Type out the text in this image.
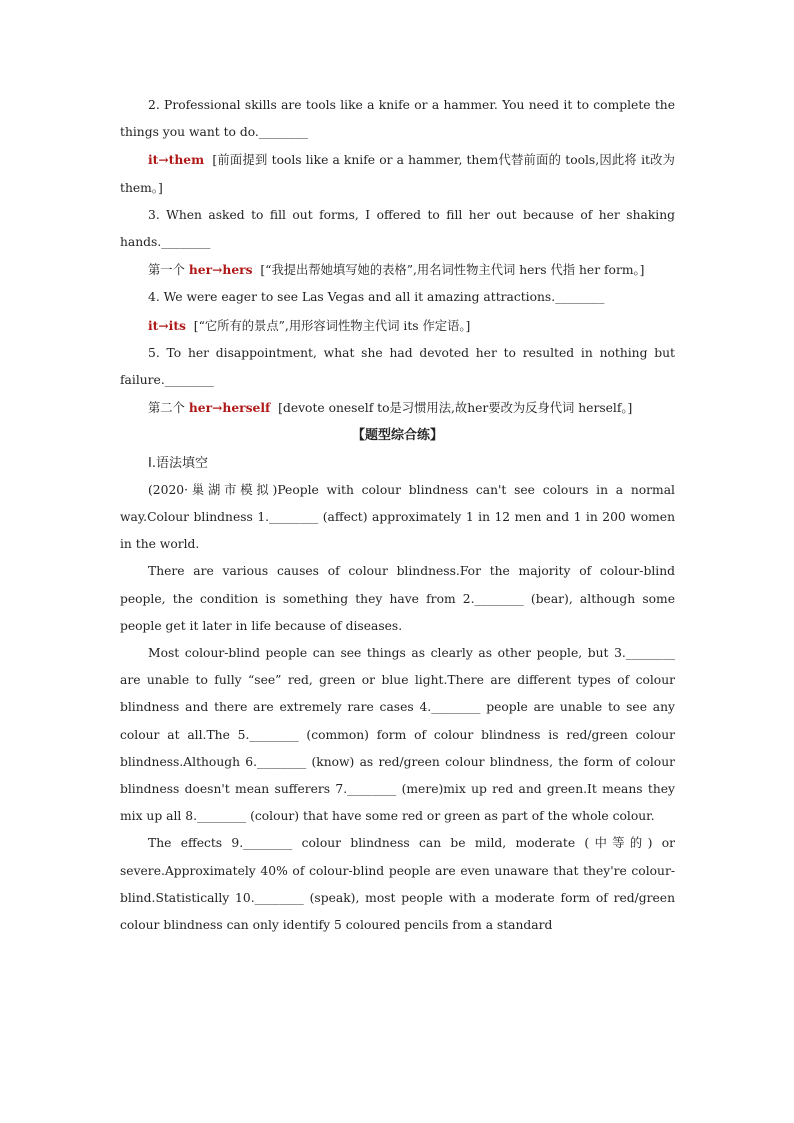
2. Professional skills are tools like a knife or a hammer. You need it to complete the things you want to do.________

it→them [前面提到 tools like a knife or a hammer, them代替前面的 tools,因此将 it改为 them。]

3. When asked to fill out forms, I offered to fill her out because of her shaking hands.________

第一个 her→hers [“我提出帮她填写她的表格”,用名词性物主代词 hers 代指 her form。]

4. We were eager to see Las Vegas and all it amazing attractions.________

it→its [“它所有的景点”,用形容词性物主代词 its 作定语。]

5. To her disappointment, what she had devoted her to resulted in nothing but failure.________

第二个 her→herself [devote oneself to是习惯用法,故her要改为反身代词 herself。]

【题型综合练】

Ⅰ.语法填空

(2020·巢湖市模拟)People with colour blindness can't see colours in a normal way.Colour blindness 1.________ (affect) approximately 1 in 12 men and 1 in 200 women in the world.

There are various causes of colour blindness.For the majority of colour-blind people, the condition is something they have from 2.________ (bear), although some people get it later in life because of diseases.

Most colour-blind people can see things as clearly as other people, but 3.________ are unable to fully “see” red, green or blue light.There are different types of colour blindness and there are extremely rare cases 4.________ people are unable to see any colour at all.The 5.________ (common) form of colour blindness is red/green colour blindness.Although 6.________ (know) as red/green colour blindness, the form of colour blindness doesn't mean sufferers 7.________ (mere)mix up red and green.It means they mix up all 8.________ (colour) that have some red or green as part of the whole colour.

The effects 9.________ colour blindness can be mild, moderate (中等的) or severe.Approximately 40% of colour-blind people are even unaware that they're colour-blind.Statistically 10.________ (speak), most people with a moderate form of red/green colour blindness can only identify 5 coloured pencils from a standard
